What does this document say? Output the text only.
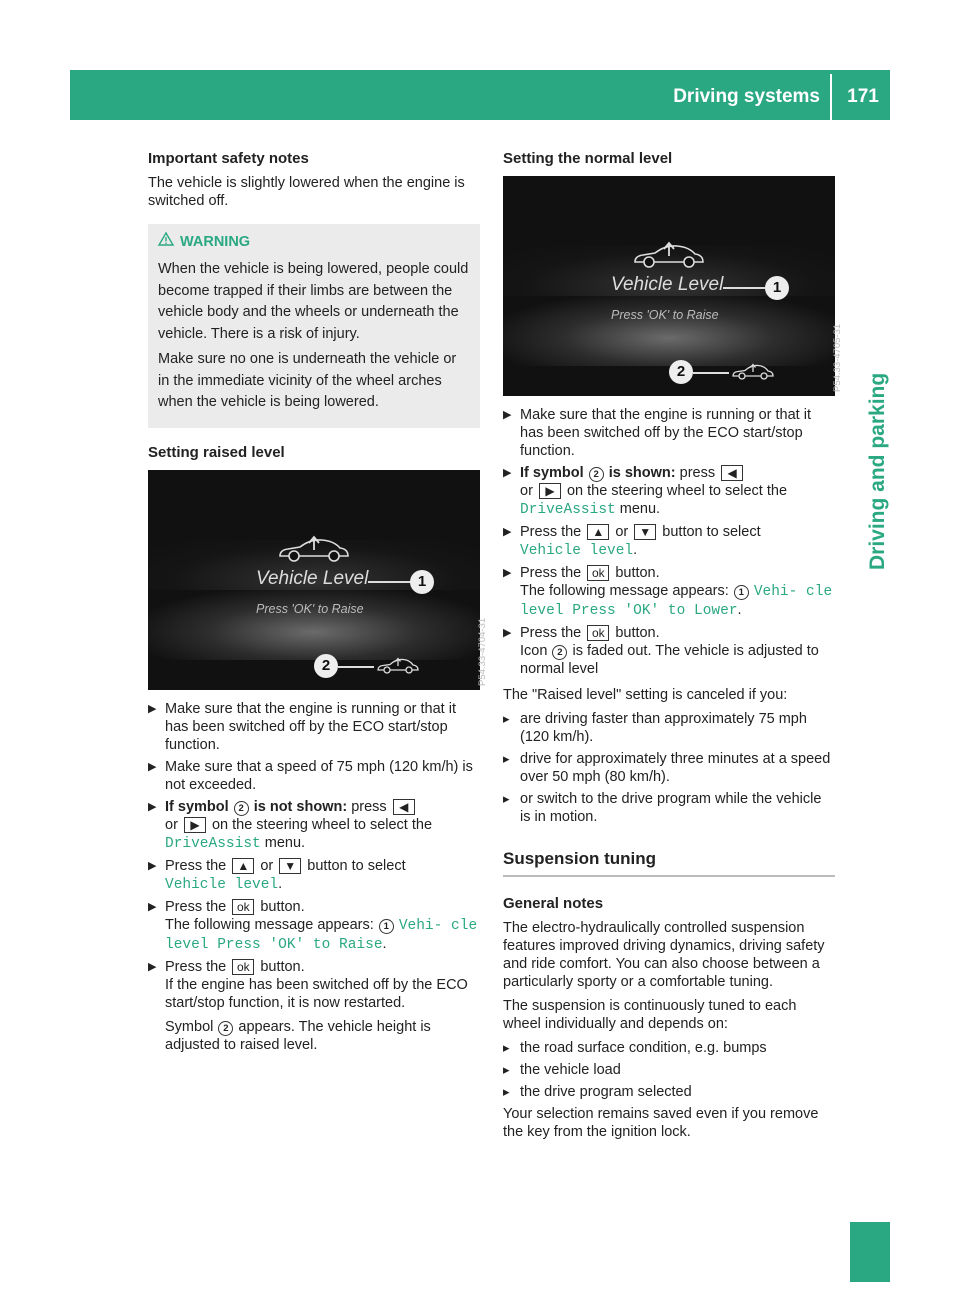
Driving systems	171
Driving and parking
Important safety notes

The vehicle is slightly lowered when the engine is switched off.

WARNING

When the vehicle is being lowered, people could become trapped if their limbs are between the vehicle body and the wheels or underneath the vehicle. There is a risk of injury.

Make sure no one is underneath the vehicle or in the immediate vicinity of the wheel arches when the vehicle is being lowered.

Setting raised level
Vehicle Level	1
Press 'OK' to Raise
2	P54.33-4704-31
▶ Make sure that the engine is running or that it has been switched off by the ECO start/stop function.
▶ Make sure that a speed of 75 mph (120 km/h) is not exceeded.
▶ If symbol 2 is not shown: press ◀
or ▶ on the steering wheel to select the
DriveAssist menu.
▶ Press the ▲ or ▼ button to select
Vehicle level.
▶ Press the ok button.
The following message appears: 1 Vehi‐ cle level Press 'OK' to Raise.
▶ Press the ok button.
If the engine has been switched off by the ECO start/stop function, it is now restarted.

Symbol 2 appears. The vehicle height is adjusted to raised level.

Setting the normal level
Vehicle Level	1
Press 'OK' to Raise
2	P54.33-4705-31
▶ Make sure that the engine is running or that it has been switched off by the ECO start/stop function.
▶ If symbol 2 is shown: press ◀
or ▶ on the steering wheel to select the
DriveAssist menu.
▶ Press the ▲ or ▼ button to select
Vehicle level.
▶ Press the ok button.
The following message appears: 1 Vehi‐ cle level Press 'OK' to Lower.
▶ Press the ok button.
Icon 2 is faded out. The vehicle is adjusted to normal level

The "Raised level" setting is canceled if you:

▸ are driving faster than approximately 75 mph (120 km/h).
▸ drive for approximately three minutes at a speed over 50 mph (80 km/h).
▸ or switch to the drive program while the vehicle is in motion.
Suspension tuning
General notes

The electro-hydraulically controlled suspension features improved driving dynamics, driving safety and ride comfort. You can also choose between a particularly sporty or a comfortable tuning.

The suspension is continuously tuned to each wheel individually and depends on:

▸ the road surface condition, e.g. bumps
▸ the vehicle load
▸ the drive program selected

Your selection remains saved even if you remove the key from the ignition lock.
